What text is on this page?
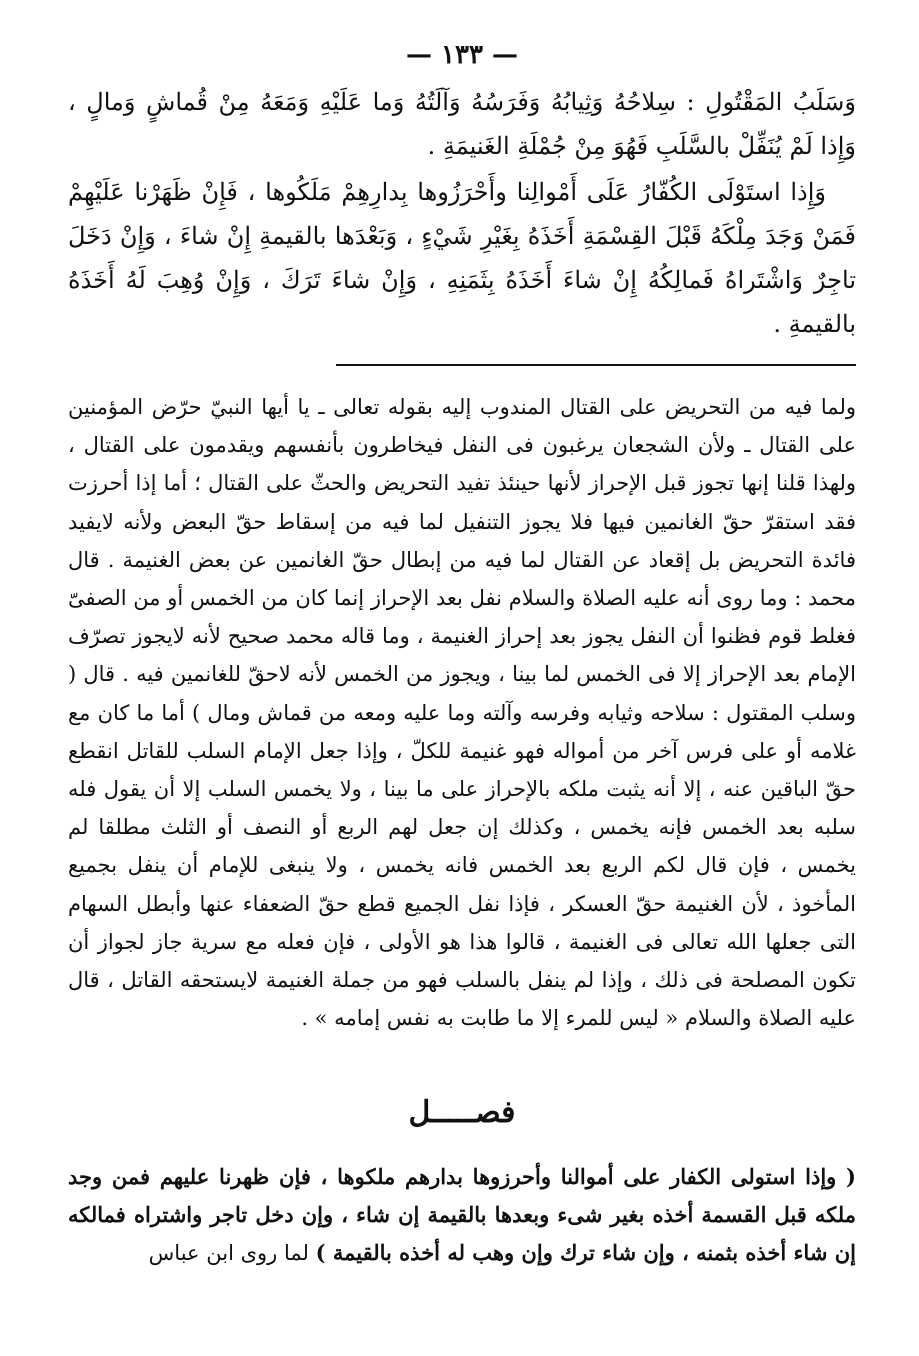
— ١٣٣ —

وَسَلَبُ المَقْتُولِ : سِلاحُهُ وَثِيابُهُ وَفَرَسُهُ وَآلَتُهُ وَما عَلَيْهِ وَمَعَهُ مِنْ قُماشٍ وَمالٍ ، وَإِذا لَمْ يُنَفِّلْ بالسَّلَبِ فَهُوَ مِنْ جُمْلَةِ الغَنيمَةِ .

وَإِذا استَوْلَى الكُفّارُ عَلَى أَمْوالِنا وأَحْرَزُوها بِدارِهِمْ مَلَكُوها ، فَإِنْ ظَهَرْنا عَلَيْهِمْ فَمَنْ وَجَدَ مِلْكَهُ قَبْلَ القِسْمَةِ أَخَذَهُ بِغَيْرِ شَيْءٍ ، وَبَعْدَها بالقيمةِ إِنْ شاءَ ، وَإِنْ دَخَلَ تاجِرٌ وَاشْتَراهُ فَمالِكُهُ إِنْ شاءَ أَخَذَهُ بِثَمَنِهِ ، وَإِنْ شاءَ تَرَكَ ، وَإِنْ وُهِبَ لَهُ أَخَذَهُ بالقيمةِ .

ولما فيه من التحريض على القتال المندوب إليه بقوله تعالى ـ يا أيها النبيّ حرّض المؤمنين على القتال ـ ولأن الشجعان يرغبون فى النفل فيخاطرون بأنفسهم ويقدمون على القتال ، ولهذا قلنا إنها تجوز قبل الإحراز لأنها حينئذ تفيد التحريض والحثّ على القتال ؛ أما إذا أحرزت فقد استقرّ حقّ الغانمين فيها فلا يجوز التنفيل لما فيه من إسقاط حقّ البعض ولأنه لايفيد فائدة التحريض بل إقعاد عن القتال لما فيه من إبطال حقّ الغانمين عن بعض الغنيمة . قال محمد : وما روى أنه عليه الصلاة والسلام نفل بعد الإحراز إنما كان من الخمس أو من الصفىّ فغلط قوم فظنوا أن النفل يجوز بعد إحراز الغنيمة ، وما قاله محمد صحيح لأنه لايجوز تصرّف الإمام بعد الإحراز إلا فى الخمس لما بينا ، ويجوز من الخمس لأنه لاحقّ للغانمين فيه . قال ( وسلب المقتول : سلاحه وثيابه وفرسه وآلته وما عليه ومعه من قماش ومال ) أما ما كان مع غلامه أو على فرس آخر من أمواله فهو غنيمة للكلّ ، وإذا جعل الإمام السلب للقاتل انقطع حقّ الباقين عنه ، إلا أنه يثبت ملكه بالإحراز على ما بينا ، ولا يخمس السلب إلا أن يقول فله سلبه بعد الخمس فإنه يخمس ، وكذلك إن جعل لهم الربع أو النصف أو الثلث مطلقا لم يخمس ، فإن قال لكم الربع بعد الخمس فانه يخمس ، ولا ينبغى للإمام أن ينفل بجميع المأخوذ ، لأن الغنيمة حقّ العسكر ، فإذا نفل الجميع قطع حقّ الضعفاء عنها وأبطل السهام التى جعلها الله تعالى فى الغنيمة ، قالوا هذا هو الأولى ، فإن فعله مع سرية جاز لجواز أن تكون المصلحة فى ذلك ، وإذا لم ينفل بالسلب فهو من جملة الغنيمة لايستحقه القاتل ، قال عليه الصلاة والسلام « ليس للمرء إلا ما طابت به نفس إمامه » .

فصـــــل

( وإذا استولى الكفار على أموالنا وأحرزوها بدارهم ملكوها ، فإن ظهرنا عليهم فمن وجد ملكه قبل القسمة أخذه بغير شىء وبعدها بالقيمة إن شاء ، وإن دخل تاجر واشتراه فمالكه إن شاء أخذه بثمنه ، وإن شاء ترك وإن وهب له أخذه بالقيمة ) لما روى ابن عباس
